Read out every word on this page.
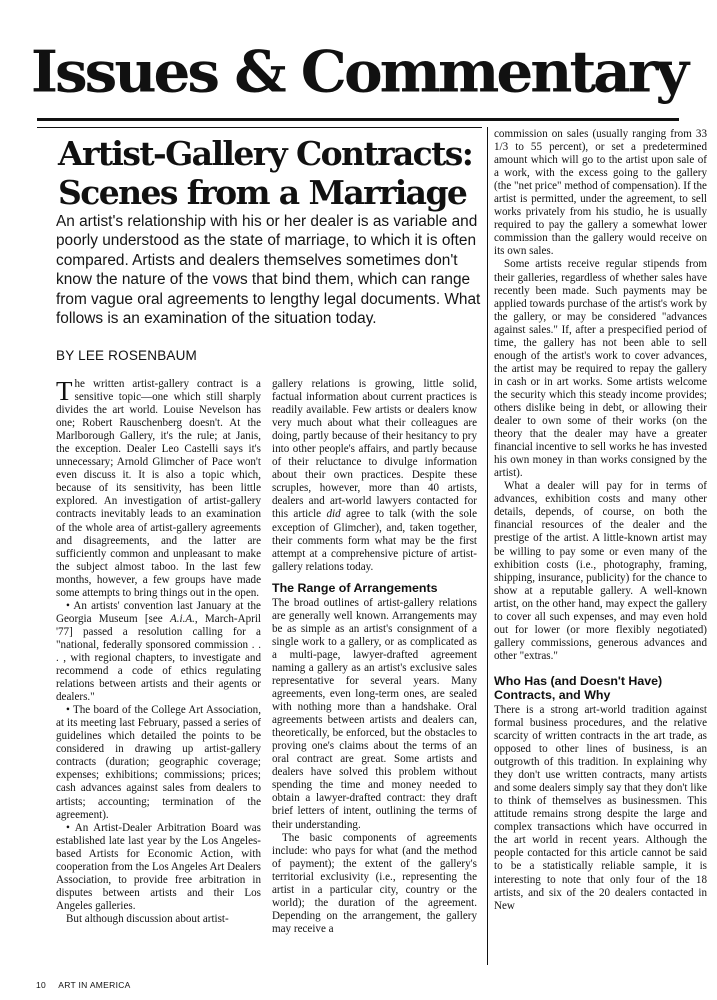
Issues & Commentary
Artist-Gallery Contracts:
Scenes from a Marriage
An artist's relationship with his or her dealer is as variable and poorly understood as the state of marriage, to which it is often compared. Artists and dealers themselves sometimes don't know the nature of the vows that bind them, which can range from vague oral agreements to lengthy legal documents. What follows is an examination of the situation today.
BY LEE ROSENBAUM

The written artist-gallery contract is a sensitive topic—one which still sharply divides the art world. Louise Nevelson has one; Robert Rauschenberg doesn't. At the Marlborough Gallery, it's the rule; at Janis, the exception. Dealer Leo Castelli says it's unnecessary; Arnold Glimcher of Pace won't even discuss it. It is also a topic which, because of its sensitivity, has been little explored. An investigation of artist-gallery contracts inevitably leads to an examination of the whole area of artist-gallery agreements and disagreements, and the latter are sufficiently common and unpleasant to make the subject almost taboo. In the last few months, however, a few groups have made some attempts to bring things out in the open.

• An artists' convention last January at the Georgia Museum [see A.i.A., March-April '77] passed a resolution calling for a "national, federally sponsored commission . . . , with regional chapters, to investigate and recommend a code of ethics regulating relations between artists and their agents or dealers."

• The board of the College Art Association, at its meeting last February, passed a series of guidelines which detailed the points to be considered in drawing up artist-gallery contracts (duration; geographic coverage; expenses; exhibitions; commissions; prices; cash advances against sales from dealers to artists; accounting; termination of the agreement).

• An Artist-Dealer Arbitration Board was established late last year by the Los Angeles-based Artists for Economic Action, with cooperation from the Los Angeles Art Dealers Association, to provide free arbitration in disputes between artists and their Los Angeles galleries.

But although discussion about artist-

gallery relations is growing, little solid, factual information about current practices is readily available. Few artists or dealers know very much about what their colleagues are doing, partly because of their hesitancy to pry into other people's affairs, and partly because of their reluctance to divulge information about their own practices. Despite these scruples, however, more than 40 artists, dealers and art-world lawyers contacted for this article did agree to talk (with the sole exception of Glimcher), and, taken together, their comments form what may be the first attempt at a comprehensive picture of artist-gallery relations today.

The Range of Arrangements

The broad outlines of artist-gallery relations are generally well known. Arrangements may be as simple as an artist's consignment of a single work to a gallery, or as complicated as a multi-page, lawyer-drafted agreement naming a gallery as an artist's exclusive sales representative for several years. Many agreements, even long-term ones, are sealed with nothing more than a handshake. Oral agreements between artists and dealers can, theoretically, be enforced, but the obstacles to proving one's claims about the terms of an oral contract are great. Some artists and dealers have solved this problem without spending the time and money needed to obtain a lawyer-drafted contract: they draft brief letters of intent, outlining the terms of their understanding.

The basic components of agreements include: who pays for what (and the method of payment); the extent of the gallery's territorial exclusivity (i.e., representing the artist in a particular city, country or the world); the duration of the agreement. Depending on the arrangement, the gallery may receive a

commission on sales (usually ranging from 33 1/3 to 55 percent), or set a predetermined amount which will go to the artist upon sale of a work, with the excess going to the gallery (the "net price" method of compensation). If the artist is permitted, under the agreement, to sell works privately from his studio, he is usually required to pay the gallery a somewhat lower commission than the gallery would receive on its own sales.

Some artists receive regular stipends from their galleries, regardless of whether sales have recently been made. Such payments may be applied towards purchase of the artist's work by the gallery, or may be considered "advances against sales." If, after a prespecified period of time, the gallery has not been able to sell enough of the artist's work to cover advances, the artist may be required to repay the gallery in cash or in art works. Some artists welcome the security which this steady income provides; others dislike being in debt, or allowing their dealer to own some of their works (on the theory that the dealer may have a greater financial incentive to sell works he has invested his own money in than works consigned by the artist).

What a dealer will pay for in terms of advances, exhibition costs and many other details, depends, of course, on both the financial resources of the dealer and the prestige of the artist. A little-known artist may be willing to pay some or even many of the exhibition costs (i.e., photography, framing, shipping, insurance, publicity) for the chance to show at a reputable gallery. A well-known artist, on the other hand, may expect the gallery to cover all such expenses, and may even hold out for lower (or more flexibly negotiated) gallery commissions, generous advances and other "extras."

Who Has (and Doesn't Have) Contracts, and Why

There is a strong art-world tradition against formal business procedures, and the relative scarcity of written contracts in the art trade, as opposed to other lines of business, is an outgrowth of this tradition. In explaining why they don't use written contracts, many artists and some dealers simply say that they don't like to think of themselves as businessmen. This attitude remains strong despite the large and complex transactions which have occurred in the art world in recent years. Although the people contacted for this article cannot be said to be a statistically reliable sample, it is interesting to note that only four of the 18 artists, and six of the 20 dealers contacted in New

10 ART IN AMERICA
